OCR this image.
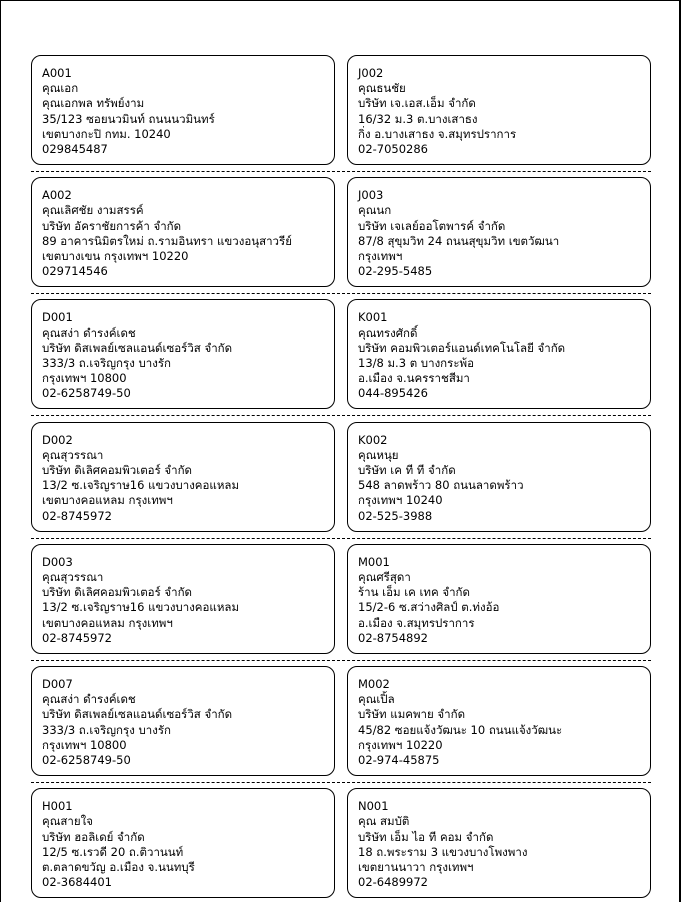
A001
คุณเอก
คุณเอกพล ทรัพย์งาม
35/123 ซอยนวมินท์ ถนนนวมินทร์
เขตบางกะปิ กทม. 10240
029845487
J002
คุณธนชัย
บริษัท เจ.เอส.เอ็ม จำกัด
16/32 ม.3 ต.บางเสาธง
กิ่ง อ.บางเสาธง จ.สมุทรปราการ
02-7050286
A002
คุณเลิศชัย งามสรรค์
บริษัท อัคราชัยการค้า จำกัด
89 อาคารนิมิตรใหม่ ถ.รามอินทรา แขวงอนุสาวรีย์
เขตบางเขน กรุงเทพฯ 10220
029714546
J003
คุณนก
บริษัท เจเลย์ออโตพารค์ จำกัด
87/8 สุขุมวิท 24 ถนนสุขุมวิท เขตวัฒนา
กรุงเทพฯ
02-295-5485
D001
คุณสง่า ดำรงค์เดช
บริษัท ดิสเพลย์เซลแอนด์เซอร์วิส จำกัด
333/3 ถ.เจริญกรุง บางรัก
กรุงเทพฯ 10800
02-6258749-50
K001
คุณทรงศักดิ์
บริษัท คอมพิวเตอร์แอนด์เทคโนโลยี จำกัด
13/8 ม.3 ต บางกระพ้อ
อ.เมือง จ.นครราชสีมา
044-895426
D002
คุณสุวรรณา
บริษัท ดิเลิศคอมพิวเตอร์ จำกัด
13/2 ซ.เจริญราษ16 แขวงบางคอแหลม
เขตบางคอแหลม กรุงเทพฯ
02-8745972
K002
คุณหนุย
บริษัท เค ที ที จำกัด
548 ลาดพร้าว 80 ถนนลาดพร้าว
กรุงเทพฯ 10240
02-525-3988
D003
คุณสุวรรณา
บริษัท ดิเลิศคอมพิวเตอร์ จำกัด
13/2 ซ.เจริญราษ16 แขวงบางคอแหลม
เขตบางคอแหลม กรุงเทพฯ
02-8745972
M001
คุณศรีสุดา
ร้าน เอ็ม เค เทค จำกัด
15/2-6 ซ.สว่างศิลป์ ต.ท่งอ้อ
อ.เมือง จ.สมุทรปราการ
02-8754892
D007
คุณสง่า ดำรงค์เดช
บริษัท ดิสเพลย์เซลแอนด์เซอร์วิส จำกัด
333/3 ถ.เจริญกรุง บางรัก
กรุงเทพฯ 10800
02-6258749-50
M002
คุณเปิ้ล
บริษัท แมคพาย จำกัด
45/82 ซอยแจ้งวัฒนะ 10 ถนนแจ้งวัฒนะ
กรุงเทพฯ 10220
02-974-45875
H001
คุณสายใจ
บริษัท ฮอลิเดย์ จำกัด
12/5 ซ.เรวดี 20 ถ.ติวานนท์
ต.ตลาดขวัญ อ.เมือง จ.นนทบุรี
02-3684401
N001
คุณ สมบัติ
บริษัท เอ็ม ไอ ที คอม จำกัด
18 ถ.พระราม 3 แขวงบางโพงพาง
เขตยานนาวา กรุงเทพฯ
02-6489972
